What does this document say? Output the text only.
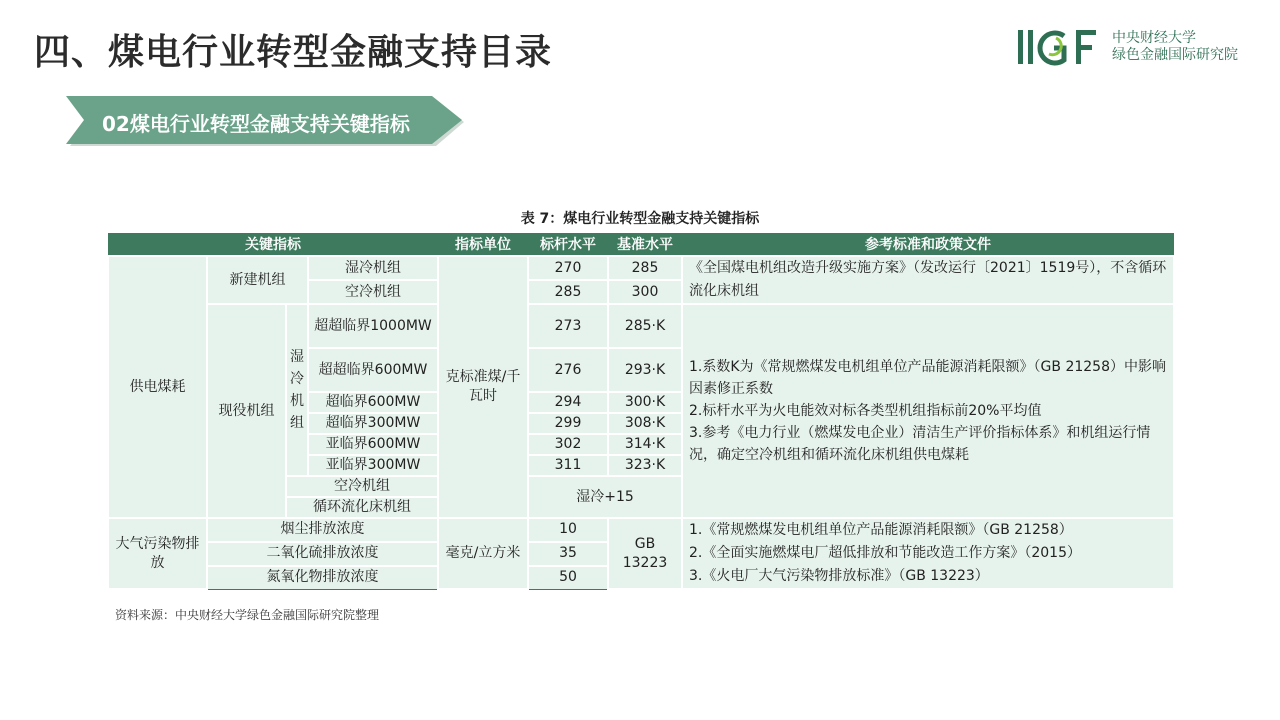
四、煤电行业转型金融支持目录	中央财经大学
绿色金融国际研究院
02煤电行业转型金融支持关键指标
表 7：煤电行业转型金融支持关键指标
关键指标				指标单位	标杆水平	基准水平	参考标准和政策文件
供电煤耗	新建机组		湿冷机组	克标准煤/千瓦时	270	285	《全国煤电机组改造升级实施方案》（发改运行〔2021〕1519号），不含循环流化床机组
			空冷机组		285	300	
	现役机组	湿冷机组	超超临界1000MW		273	285·K	1.系数K为《常规燃煤发电机组单位产品能源消耗限额》（GB 21258）中影响因素修正系数
2.标杆水平为火电能效对标各类型机组指标前20%平均值
3.参考《电力行业（燃煤发电企业）清洁生产评价指标体系》和机组运行情况，确定空冷机组和循环流化床机组供电煤耗

			超超临界600MW		276	293·K	
			超临界600MW		294	300·K	
			超临界300MW		299	308·K	
			亚临界600MW		302	314·K	
			亚临界300MW		311	323·K	
		空冷机组			湿冷+15		
		循环流化床机组					
大气污染物排放	烟尘排放浓度			毫克/立方米	10	GB 13223	1.《常规燃煤发电机组单位产品能源消耗限额》（GB 21258）
2.《全面实施燃煤电厂超低排放和节能改造工作方案》（2015）
3.《火电厂大气污染物排放标准》（GB 13223）

	二氧化硫排放浓度				35		
	氮氧化物排放浓度				50		
资料来源：中央财经大学绿色金融国际研究院整理
